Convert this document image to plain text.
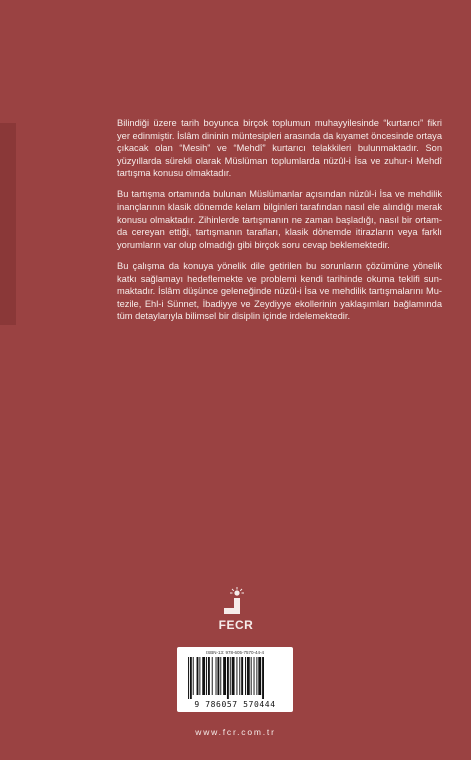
Bilindiği üzere tarih boyunca birçok toplumun muhayyilesinde “kurtarıcı” fikri yer edinmiştir. İslâm dininin müntesipleri arasında da kıyamet öncesinde ortaya çıkacak olan “Mesih” ve “Mehdî” kurtarıcı telakkileri bulunmaktadır. Son yüzyıllarda sürekli olarak Müslüman toplumlarda nüzûl-i İsa ve zuhur-i Mehdî tartışma konusu olmaktadır.

Bu tartışma ortamında bulunan Müslümanlar açısından nüzûl-i İsa ve mehdilik inançlarının klasik dönemde kelam bilginleri tarafından nasıl ele alındığı merak konusu olmaktadır. Zihinlerde tartışmanın ne zaman başladığı, nasıl bir ortamda cereyan ettiği, tartışmanın tarafları, klasik dönemde itirazların veya farklı yorumların var olup olmadığı gibi birçok soru cevap beklemektedir.

Bu çalışma da konuya yönelik dile getirilen bu sorunların çözümüne yönelik katkı sağlamayı hedeflemekte ve problemi kendi tarihinde okuma teklifi sunmaktadır. İslâm düşünce geleneğinde nüzûl-i İsa ve mehdilik tartışmalarını Mutezile, Ehl-i Sünnet, İbadiyye ve Zeydiyye ekollerinin yaklaşımları bağlamında tüm detaylarıyla bilimsel bir disiplin içinde irdelemektedir.

FECR
ISBN-13: 978-605-7570-44-4
9 786057 570444
www.fcr.com.tr
